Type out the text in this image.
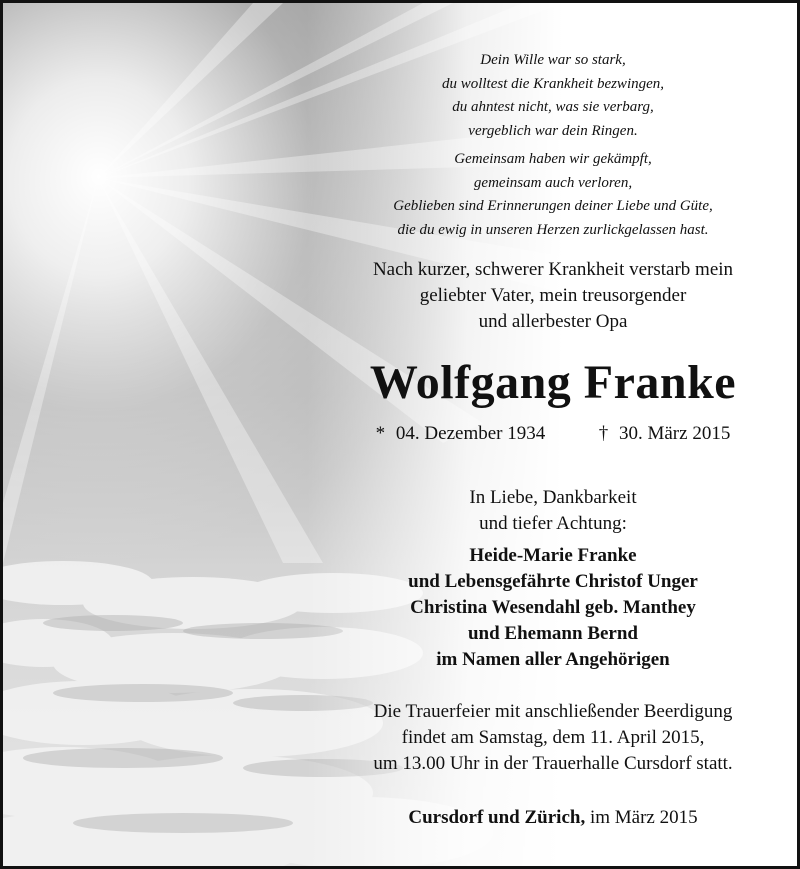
Dein Wille war so stark,
du wolltest die Krankheit bezwingen,
du ahntest nicht, was sie verbarg,
vergeblich war dein Ringen.
Gemeinsam haben wir gekämpft,
gemeinsam auch verloren,
Geblieben sind Erinnerungen deiner Liebe und Güte,
die du ewig in unseren Herzen zurlickgelassen hast.
Nach kurzer, schwerer Krankheit verstarb mein
geliebter Vater, mein treusorgender
und allerbester Opa
Wolfgang Franke
* 04. Dezember 1934	† 30. März 2015
In Liebe, Dankbarkeit
und tiefer Achtung:
Heide-Marie Franke
und Lebensgefährte Christof Unger
Christina Wesendahl geb. Manthey
und Ehemann Bernd
im Namen aller Angehörigen
Die Trauerfeier mit anschließender Beerdigung
findet am Samstag, dem 11. April 2015,
um 13.00 Uhr in der Trauerhalle Cursdorf statt.
Cursdorf und Zürich, im März 2015
